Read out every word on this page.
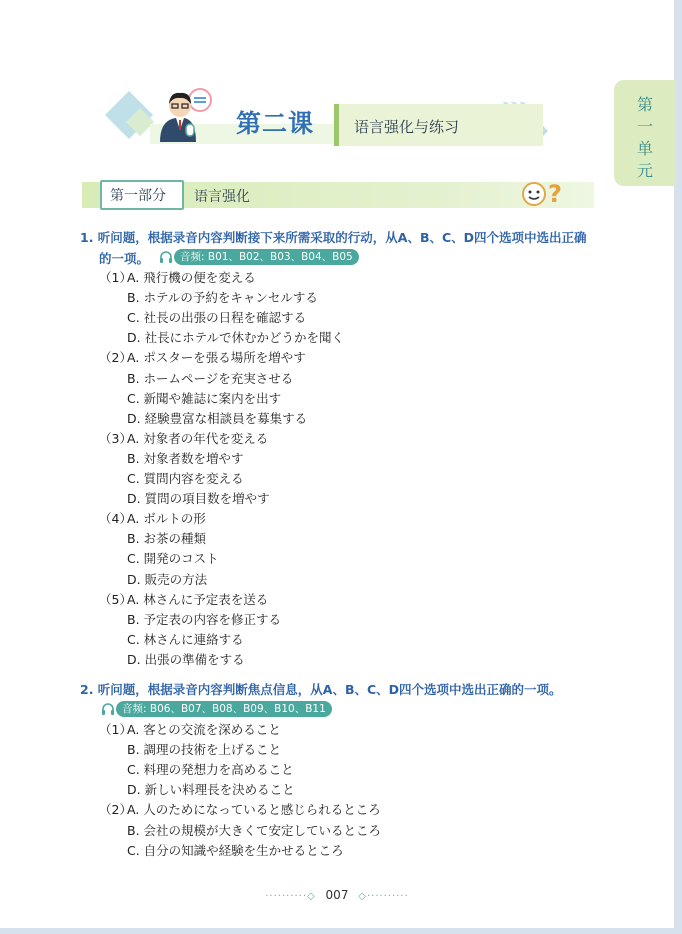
第
一
单
元
第二课	语言强化与练习
第一部分 语言强化	?
1. 听问题，根据录音内容判断接下来所需采取的行动，从A、B、C、D四个选项中选出正确
的一项。	音频: B01、B02、B03、B04、B05
（1）
A. 飛行機の便を変える
B. ホテルの予約をキャンセルする
C. 社長の出張の日程を確認する
D. 社長にホテルで休むかどうかを聞く
（2）
A. ポスターを張る場所を増やす
B. ホームページを充実させる
C. 新聞や雑誌に案内を出す
D. 経験豊富な相談員を募集する
（3）
A. 対象者の年代を変える
B. 対象者数を増やす
C. 質問内容を変える
D. 質問の項目数を増やす
（4）
A. ボルトの形
B. お茶の種類
C. 開発のコスト
D. 販売の方法
（5）
A. 林さんに予定表を送る
B. 予定表の内容を修正する
C. 林さんに連絡する
D. 出張の準備をする
2. 听问题，根据录音内容判断焦点信息，从A、B、C、D四个选项中选出正确的一项。
音频: B06、B07、B08、B09、B10、B11
（1）
A. 客との交流を深めること
B. 調理の技術を上げること
C. 料理の発想力を高めること
D. 新しい料理長を決めること
（2）
A. 人のためになっていると感じられるところ
B. 会社の規模が大きくて安定しているところ
C. 自分の知識や経験を生かせるところ
··········◇ 007 ◇··········
